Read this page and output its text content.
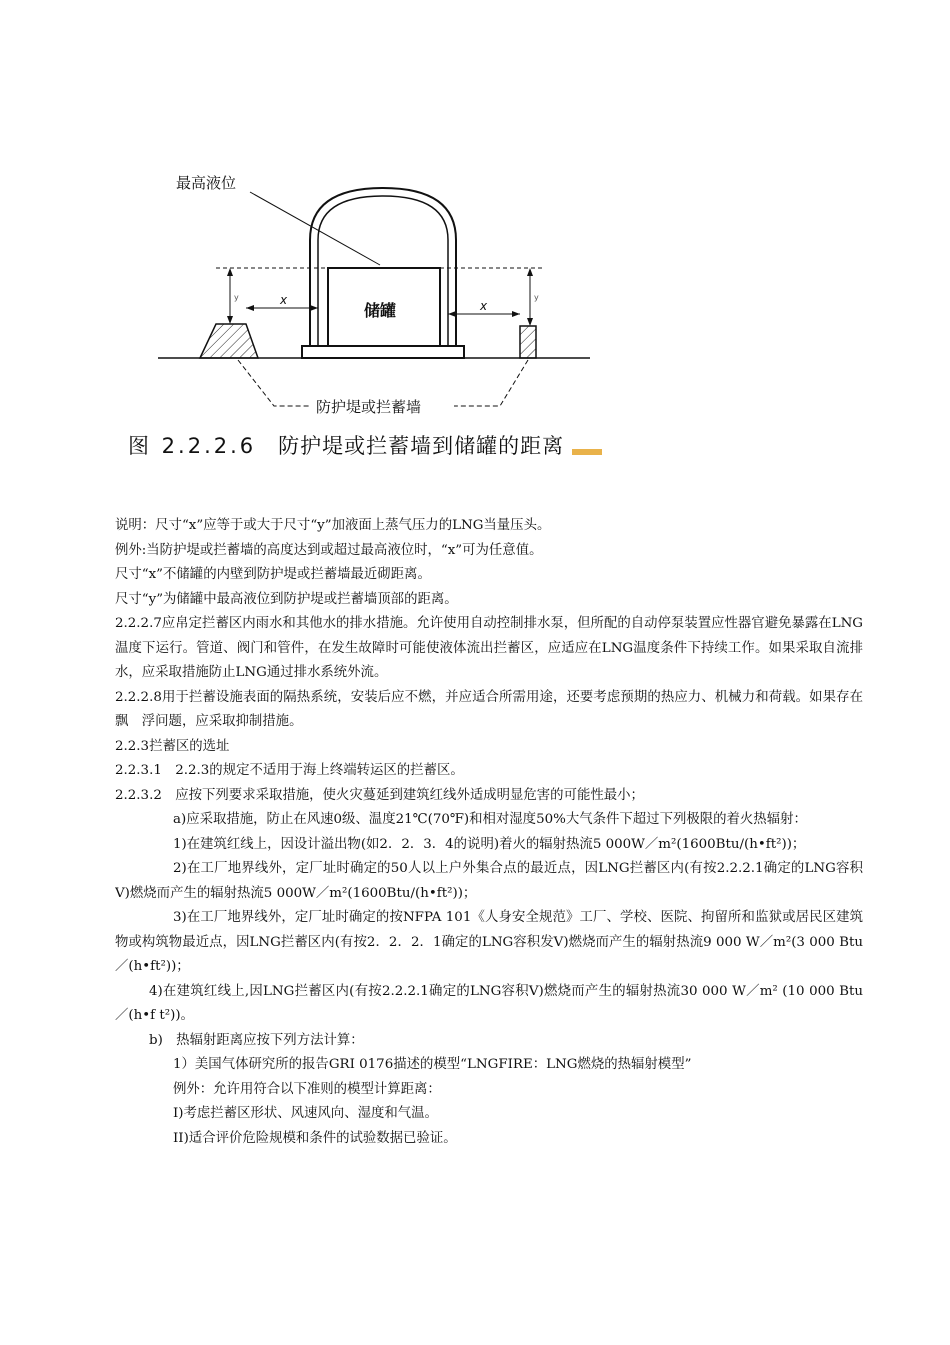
最高液位
储罐
y	y
x	x
防护堤或拦蓄墙
图 2.2.2.6 防护堤或拦蓄墙到储罐的距离

说明：尺寸“x”应等于或大于尺寸“y”加液面上蒸气压力的LNG当量压头。

例外:当防护堤或拦蓄墙的高度达到或超过最高液位时，“x”可为任意值。

尺寸“x”不储罐的内壁到防护堤或拦蓄墙最近砌距离。

尺寸“y”为储罐中最高液位到防护堤或拦蓄墙顶部的距离。

2.2.2.7应帛定拦蓄区内雨水和其他水的排水措施。允许使用自动控制排水泵，但所配的自动停泵装置应性器官避免暴露在LNG温度下运行。管道、阀门和管件，在发生故障时可能使液体流出拦蓄区，应适应在LNG温度条件下持续工作。如果采取自流排水，应采取措施防止LNG通过排水系统外流。

2.2.2.8用于拦蓄设施表面的隔热系统，安装后应不燃，并应适合所需用途，还要考虑预期的热应力、机械力和荷载。如果存在飘　浮问题，应采取抑制措施。

2.2.3拦蓄区的选址

2.2.3.1　2.2.3的规定不适用于海上终端转运区的拦蓄区。

2.2.3.2　应按下列要求采取措施，使火灾蔓延到建筑红线外适成明显危害的可能性最小；

a)应采取措施，防止在风速0级、温度21℃(70℉)和相对湿度50%大气条件下超过下列极限的着火热辐射：

1)在建筑红线上，因设计溢出物(如2．2．3．4的说明)着火的辐射热流5 000W／m²(1600Btu/(h•ft²))；

2)在工厂地界线外，定厂址时确定的50人以上户外集合点的最近点，因LNG拦蓄区内(有按2.2.2.1确定的LNG容积V)燃烧而产生的辐射热流5 000W／m²(1600Btu/(h•ft²))；

3)在工厂地界线外，定厂址时确定的按NFPA 101《人身安全规范》工厂、学校、医院、拘留所和监狱或居民区建筑物或构筑物最近点，因LNG拦蓄区内(有按2．2．2．1确定的LNG容积发V)燃烧而产生的辐射热流9 000 W／m²(3 000 Btu／(h•ft²))；

4)在建筑红线上,因LNG拦蓄区内(有按2.2.2.1确定的LNG容积V)燃烧而产生的辐射热流30 000 W／m² (10 000 Btu／(h•f t²))。

b)　热辐射距离应按下列方法计算：

1）美国气体研究所的报告GRI 0176描述的模型“LNGFIRE：LNG燃烧的热辐射模型”

例外：允许用符合以下准则的模型计算距离：

I)考虑拦蓄区形状、风速风向、湿度和气温。

II)适合评价危险规模和条件的试验数据已验证。
